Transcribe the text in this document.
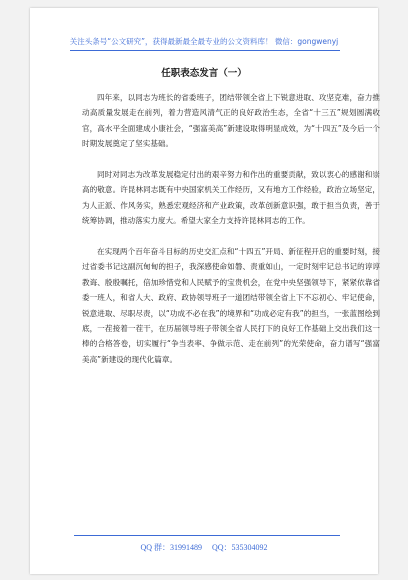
关注头条号“公文研究”，获得最新最全最专业的公文资料库！ 微信：gongwenyj
任职表态发言（一）

四年来，以同志为班长的省委班子，团结带领全省上下锐意进取、攻坚克难，奋力推动高质量发展走在前列，着力营造风清气正的良好政治生态，全省“十三五”规划圆满收官，高水平全面建成小康社会，“强富美高”新建设取得明显成效，为“十四五”及今后一个时期发展奠定了坚实基础。

同时对同志为改革发展稳定付出的艰辛努力和作出的重要贡献，致以衷心的感谢和崇高的敬意。许昆林同志既有中央国家机关工作经历，又有地方工作经验，政治立场坚定，为人正派、作风务实，熟悉宏观经济和产业政策，改革创新意识强，敢于担当负责，善于统筹协调，推动落实力度大。希望大家全力支持许昆林同志的工作。

在实现两个百年奋斗目标的历史交汇点和“十四五”开局、新征程开启的重要时刻，接过省委书记这副沉甸甸的担子，我深感使命如磐、责重如山，一定时刻牢记总书记的谆谆教诲、殷殷嘱托，倍加珍惜党和人民赋予的宝贵机会，在党中央坚强领导下，紧紧依靠省委一班人，和省人大、政府、政协领导班子一道团结带领全省上下不忘初心、牢记使命，锐意进取、尽职尽责，以“功成不必在我”的境界和“功成必定有我”的担当，一张蓝图绘到底，一茬接着一茬干，在历届领导班子带领全省人民打下的良好工作基础上交出我们这一棒的合格答卷，切实履行“争当表率、争做示范、走在前列”的光荣使命，奋力谱写“强富美高”新建设的现代化篇章。

QQ 群：31991489 QQ：535304092
